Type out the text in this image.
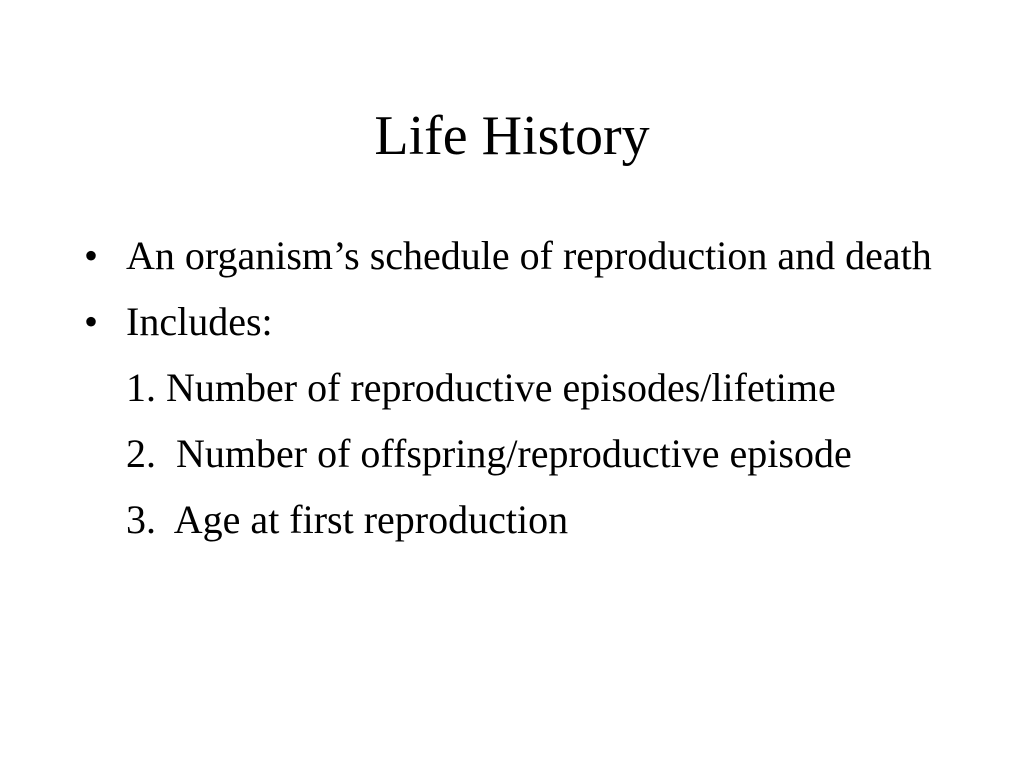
Life History
• An organism’s schedule of reproduction and death
• Includes:
1. Number of reproductive episodes/lifetime
2.  Number of offspring/reproductive episode
3.  Age at first reproduction
